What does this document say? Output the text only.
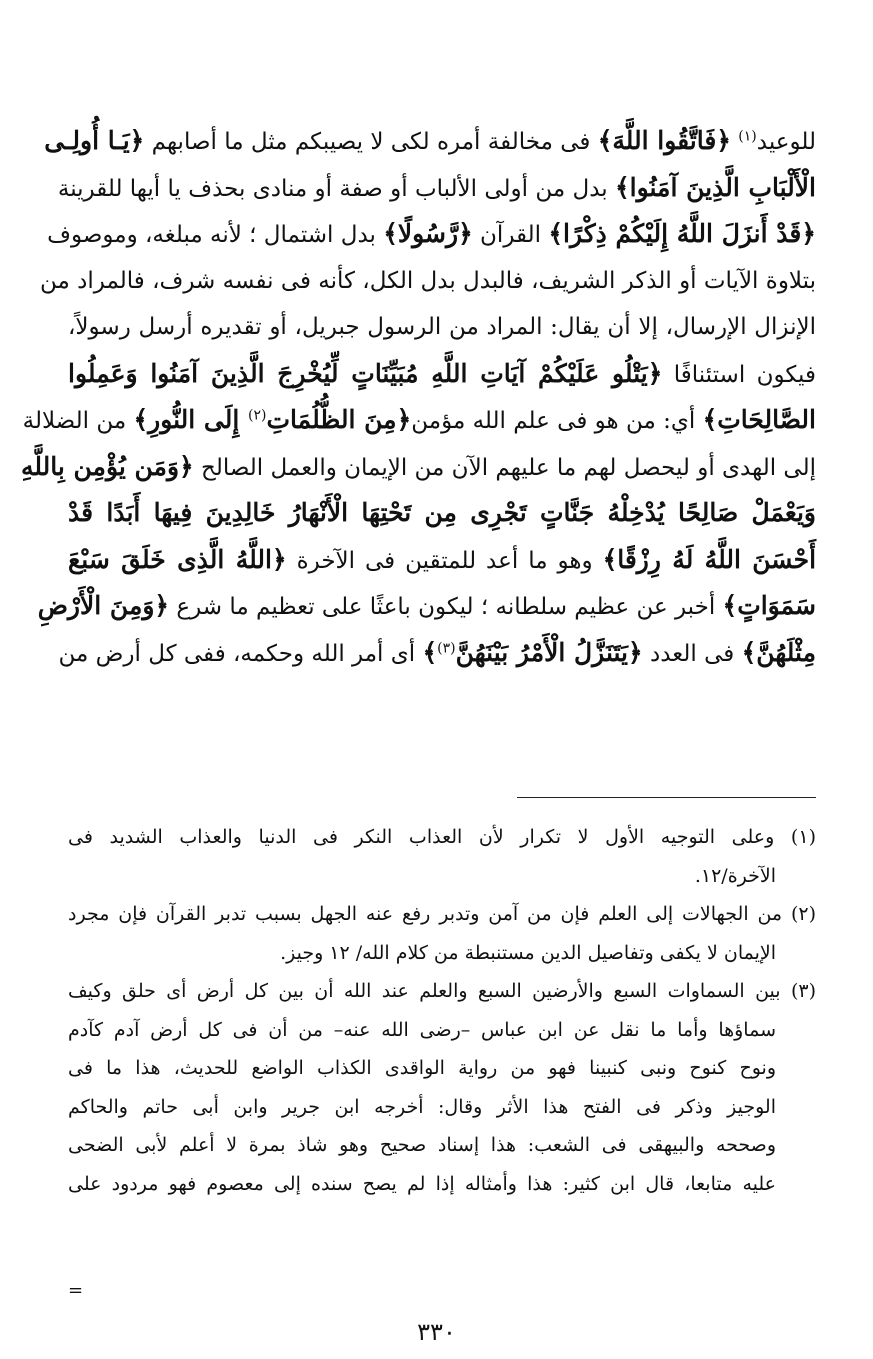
للوعيد$^{(١)}$ ﴿فَاتَّقُوا اللَّهَ﴾ فى مخالفة أمره لكى لا يصيبكم مثل ما أصابهم ﴿يَـا أُولِـى
الْأَلْبَابِ الَّذِينَ آمَنُوا﴾ بدل من أولى الألباب أو صفة أو منادى بحذف يا أيها للقرينة
﴿قَدْ أَنزَلَ اللَّهُ إِلَيْكُمْ ذِكْرًا﴾ القرآن ﴿رَّسُولًا﴾ بدل اشتمال ؛ لأنه مبلغه، وموصوف
بتلاوة الآيات أو الذكر الشريف، فالبدل بدل الكل، كأنه فى نفسه شرف، فالمراد من
الإنزال الإرسال، إلا أن يقال: المراد من الرسول جبريل، أو تقديره أرسل رسولاً،
فيكون استئنافًا ﴿يَتْلُو عَلَيْكُمْ آيَاتِ اللَّهِ مُبَيِّنَاتٍ لِّيُخْرِجَ الَّذِينَ آمَنُوا وَعَمِلُوا
الصَّالِحَاتِ﴾ أي: من هو فى علم الله مؤمن﴿مِنَ الظُّلُمَاتِ$^{(٢)}$ إِلَى النُّورِ﴾ من الضلالة
إلى الهدى أو ليحصل لهم ما عليهم الآن من الإيمان والعمل الصالح ﴿وَمَن يُؤْمِن بِاللَّهِ
وَيَعْمَلْ صَالِحًا يُدْخِلْهُ جَنَّاتٍ تَجْرِى مِن تَحْتِهَا الْأَنْهَارُ خَالِدِينَ فِيهَا أَبَدًا قَدْ
أَحْسَنَ اللَّهُ لَهُ رِزْقًا﴾ وهو ما أعد للمتقين فى الآخرة ﴿اللَّهُ الَّذِى خَلَقَ سَبْعَ
سَمَوَاتٍ﴾ أخبر عن عظيم سلطانه ؛ ليكون باعثًا على تعظيم ما شرع ﴿وَمِنَ الْأَرْضِ
مِثْلَهُنَّ﴾ فى العدد ﴿يَتَنَزَّلُ الْأَمْرُ بَيْنَهُنَّ$^{(٣)}$﴾ أى أمر الله وحكمه، ففى كل أرض من
(١) وعلى التوجيه الأول لا تكرار لأن العذاب النكر فى الدنيا والعذاب الشديد فى
الآخرة/١٢.
(٢) من الجهالات إلى العلم فإن من آمن وتدبر رفع عنه الجهل بسبب تدبر القرآن فإن مجرد
الإيمان لا يكفى وتفاصيل الدين مستنبطة من كلام الله/ ١٢ وجيز.
(٣) بين السماوات السبع والأرضين السبع والعلم عند الله أن بين كل أرض أى حلق وكيف
سماؤها وأما ما نقل عن ابن عباس –رضى الله عنه– من أن فى كل أرض آدم كآدم
ونوح كنوح ونبى كنبينا فهو من رواية الواقدى الكذاب الواضع للحديث، هذا ما فى
الوجيز وذكر فى الفتح هذا الأثر وقال: أخرجه ابن جرير وابن أبى حاتم والحاكم
وصححه والبيهقى فى الشعب: هذا إسناد صحيح وهو شاذ بمرة لا أعلم لأبى الضحى
عليه متابعا، قال ابن كثير: هذا وأمثاله إذا لم يصح سنده إلى معصوم فهو مردود على
=
٣٣٠
